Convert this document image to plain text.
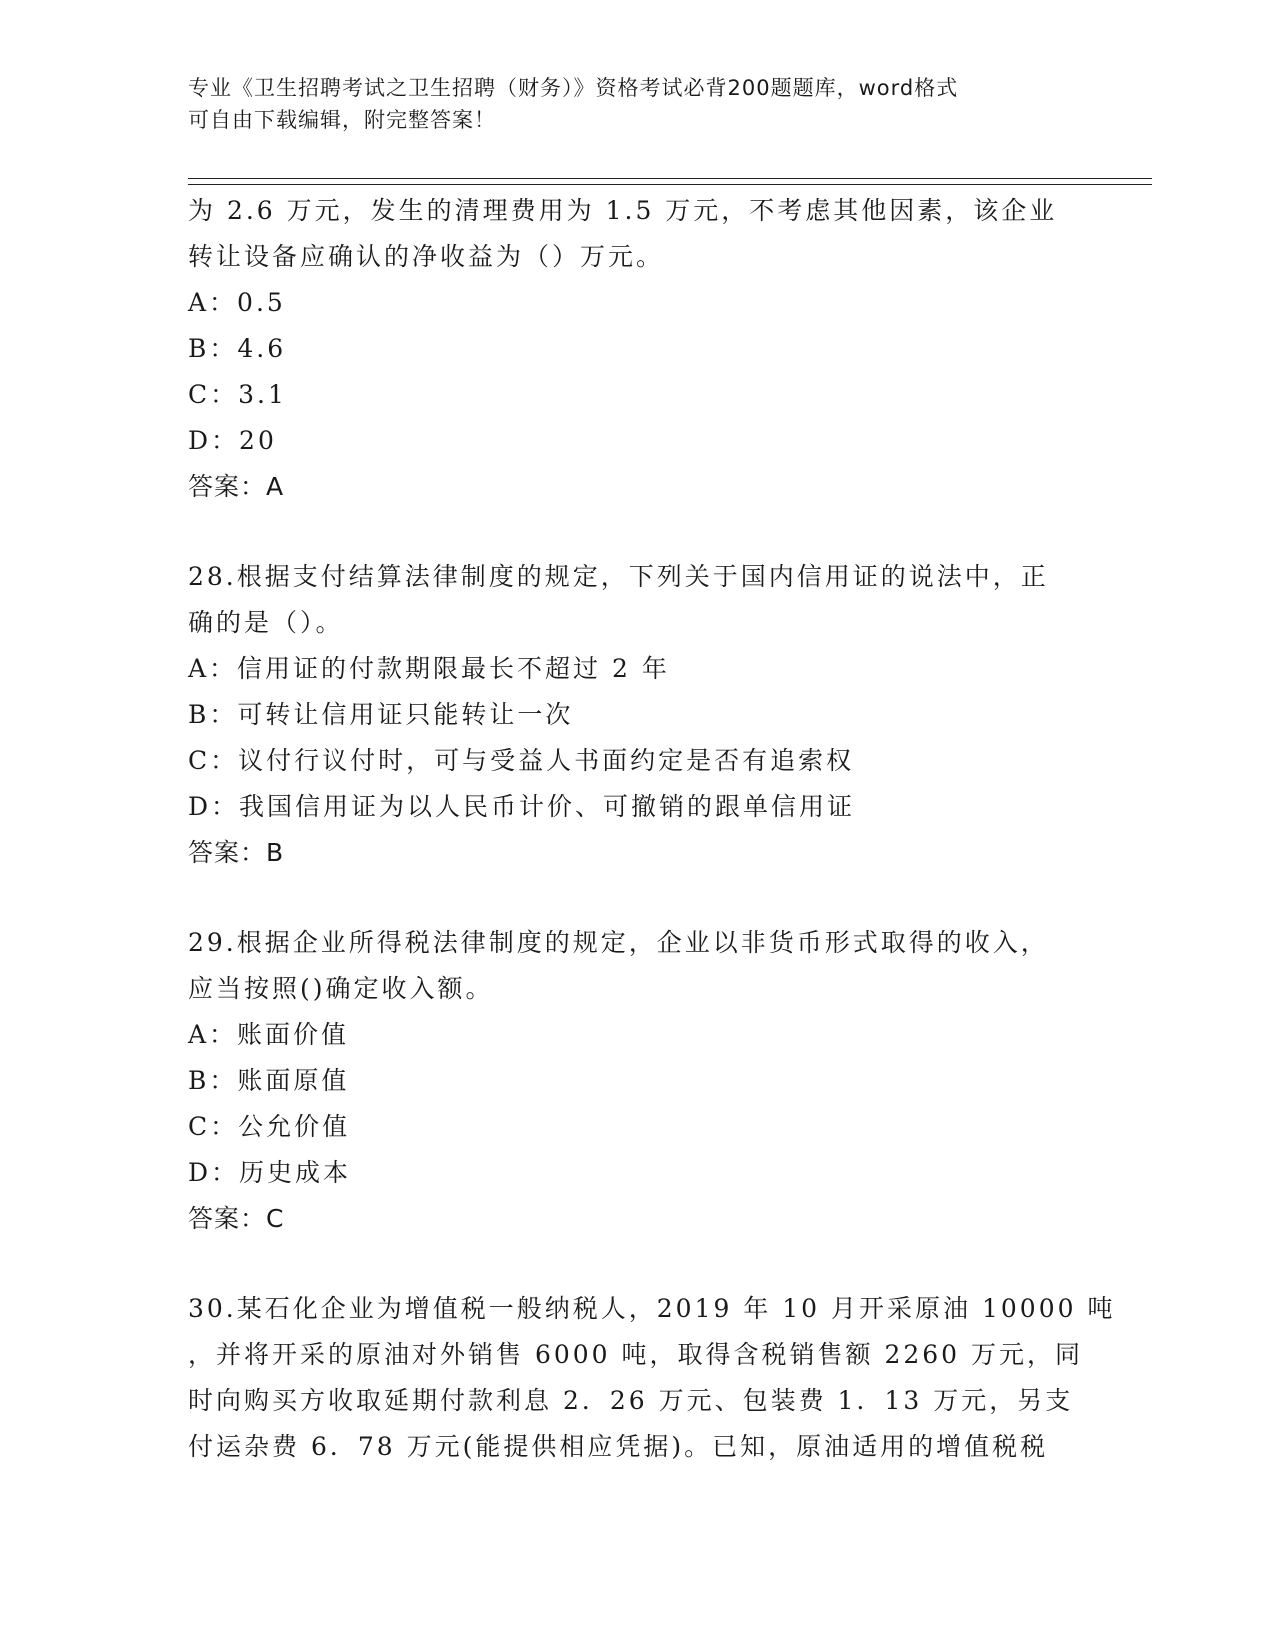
专业《卫生招聘考试之卫生招聘（财务）》资格考试必背200题题库，word格式
可自由下载编辑，附完整答案！
为 2.6 万元，发生的清理费用为 1.5 万元，不考虑其他因素，该企业
转让设备应确认的净收益为（）万元。
A：0.5
B：4.6
C：3.1
D：20
答案：A
28.根据支付结算法律制度的规定，下列关于国内信用证的说法中，正
确的是（）。
A：信用证的付款期限最长不超过 2 年
B：可转让信用证只能转让一次
C：议付行议付时，可与受益人书面约定是否有追索权
D：我国信用证为以人民币计价、可撤销的跟单信用证
答案：B
29.根据企业所得税法律制度的规定，企业以非货币形式取得的收入，
应当按照()确定收入额。
A：账面价值
B：账面原值
C：公允价值
D：历史成本
答案：C
30.某石化企业为增值税一般纳税人，2019 年 10 月开采原油 10000 吨
，并将开采的原油对外销售 6000 吨，取得含税销售额 2260 万元，同
时向购买方收取延期付款利息 2．26 万元、包装费 1．13 万元，另支
付运杂费 6．78 万元(能提供相应凭据)。已知，原油适用的增值税税
